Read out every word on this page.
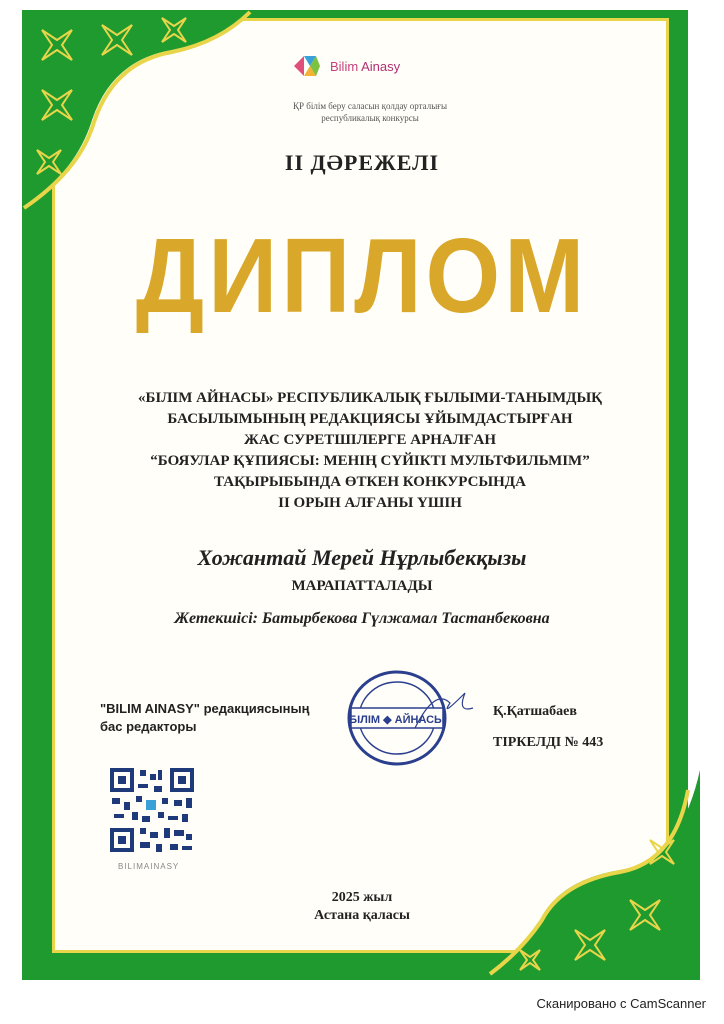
Bilim Ainasy
ҚР білім беру саласын қолдау орталығы
республикалық конкурсы
II ДӘРЕЖЕЛІ
ДИПЛОМ
«БІЛІМ АЙНАСЫ» РЕСПУБЛИКАЛЫҚ ҒЫЛЫМИ-ТАНЫМДЫҚ
БАСЫЛЫМЫНЫҢ РЕДАКЦИЯСЫ ҰЙЫМДАСТЫРҒАН
ЖАС СУРЕТШІЛЕРГЕ АРНАЛҒАН
“БОЯУЛАР ҚҰПИЯСЫ: МЕНІҢ СҮЙІКТІ МУЛЬТФИЛЬМІМ”
ТАҚЫРЫБЫНДА ӨТКЕН КОНКУРСЫНДА
II ОРЫН АЛҒАНЫ ҮШІН
Хожантай Мерей Нұрлыбекқызы
МАРАПАТТАЛАДЫ
Жетекшісі: Батырбекова Гүлжамал Тастанбековна
"BILIM AINASY" редакциясының
бас редакторы	БІЛІМ ◆ АЙНАСЫ
Қ.Қатшабаев
ТІРКЕЛДІ № 443
BILIMAINASY
2025 жыл
Астана қаласы
Сканировано с CamScanner
